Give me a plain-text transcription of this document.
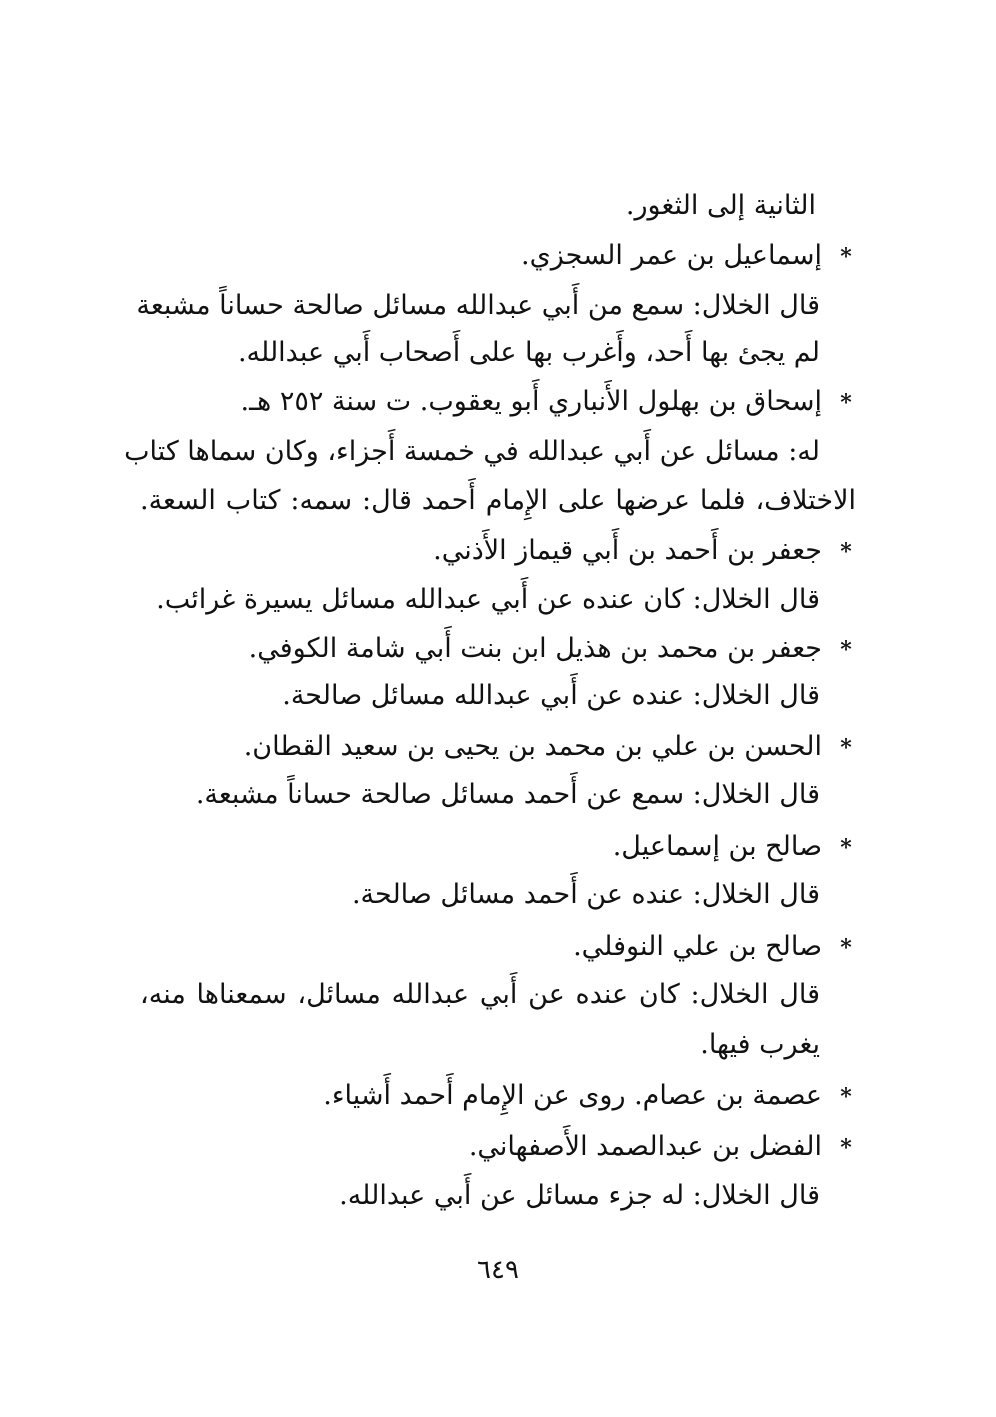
الثانية إلى الثغور.
*إسماعيل بن عمر السجزي.
قال الخلال: سمع من أَبي عبدالله مسائل صالحة حساناً مشبعة
لم يجئ بها أَحد، وأَغرب بها على أَصحاب أَبي عبدالله.
*إسحاق بن بهلول الأَنباري أَبو يعقوب. ت سنة ٢٥٢ هـ.
له: مسائل عن أَبي عبدالله في خمسة أَجزاء، وكان سماها كتاب
الاختلاف، فلما عرضها على الإِمام أَحمد قال: سمه: كتاب السعة.
*جعفر بن أَحمد بن أَبي قيماز الأَذني.
قال الخلال: كان عنده عن أَبي عبدالله مسائل يسيرة غرائب.
*جعفر بن محمد بن هذيل ابن بنت أَبي شامة الكوفي.
قال الخلال: عنده عن أَبي عبدالله مسائل صالحة.
*الحسن بن علي بن محمد بن يحيى بن سعيد القطان.
قال الخلال: سمع عن أَحمد مسائل صالحة حساناً مشبعة.
*صالح بن إسماعيل.
قال الخلال: عنده عن أَحمد مسائل صالحة.
*صالح بن علي النوفلي.
قال الخلال: كان عنده عن أَبي عبدالله مسائل، سمعناها منه،
يغرب فيها.
*عصمة بن عصام. روى عن الإِمام أَحمد أَشياء.
*الفضل بن عبدالصمد الأَصفهاني.
قال الخلال: له جزء مسائل عن أَبي عبدالله.
٦٤٩
